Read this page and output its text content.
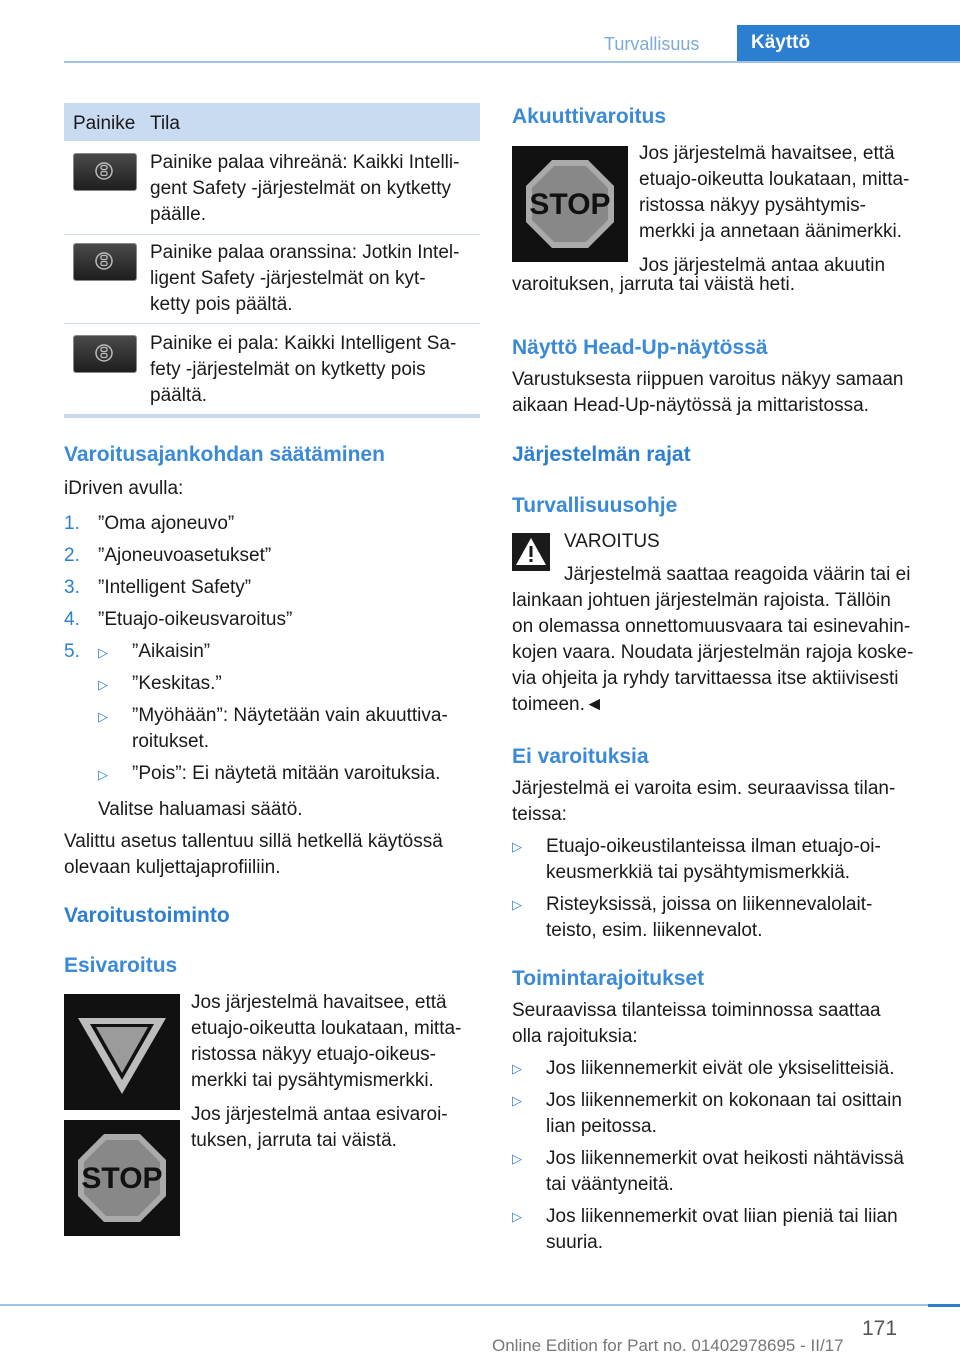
Turvallisuus	Käyttö
Painike Tila
Painike palaa vihreänä: Kaikki Intelli-
gent Safety -järjestelmät on kytketty
päälle.
Painike palaa oranssina: Jotkin Intel-
ligent Safety -järjestelmät on kyt-
ketty pois päältä.
Painike ei pala: Kaikki Intelligent Sa-
fety -järjestelmät on kytketty pois
päältä.
Varoitusajankohdan säätäminen
iDriven avulla:
1. ”Oma ajoneuvo”
2. ”Ajoneuvoasetukset”
3. ”Intelligent Safety”
4. ”Etuajo-oikeusvaroitus”
5.	▷ ”Aikaisin”
▷ ”Keskitas.”
▷ ”Myöhään”: Näytetään vain akuuttiva-
roitukset.
▷ ”Pois”: Ei näytetä mitään varoituksia.
Valitse haluamasi säätö.
Valittu asetus tallentuu sillä hetkellä käytössä
olevaan kuljettajaprofiiliin.
Varoitustoiminto
Esivaroitus
STOP
Jos järjestelmä havaitsee, että
etuajo-oikeutta loukataan, mitta-
ristossa näkyy etuajo-oikeus-
merkki tai pysähtymismerkki.
Jos järjestelmä antaa esivaroi-
tuksen, jarruta tai väistä.
Akuuttivaroitus
STOP
Jos järjestelmä havaitsee, että
etuajo-oikeutta loukataan, mitta-
ristossa näkyy pysähtymis-
merkki ja annetaan äänimerkki.
Jos järjestelmä antaa akuutin
varoituksen, jarruta tai väistä heti.
Näyttö Head-Up-näytössä
Varustuksesta riippuen varoitus näkyy samaan
aikaan Head-Up-näytössä ja mittaristossa.
Järjestelmän rajat
Turvallisuusohje
VAROITUS
Järjestelmä saattaa reagoida väärin tai ei
lainkaan johtuen järjestelmän rajoista. Tällöin
on olemassa onnettomuusvaara tai esinevahin-
kojen vaara. Noudata järjestelmän rajoja koske-
via ohjeita ja ryhdy tarvittaessa itse aktiivisesti
toimeen.◄
Ei varoituksia
Järjestelmä ei varoita esim. seuraavissa tilan-
teissa:
▷ Etuajo-oikeustilanteissa ilman etuajo-oi-
keusmerkkiä tai pysähtymismerkkiä.
▷ Risteyksissä, joissa on liikennevalolait-
teisto, esim. liikennevalot.
Toimintarajoitukset
Seuraavissa tilanteissa toiminnossa saattaa
olla rajoituksia:
▷ Jos liikennemerkit eivät ole yksiselitteisiä.
▷ Jos liikennemerkit on kokonaan tai osittain
lian peitossa.
▷ Jos liikennemerkit ovat heikosti nähtävissä
tai vääntyneitä.
▷ Jos liikennemerkit ovat liian pieniä tai liian
suuria.
171
Online Edition for Part no. 01402978695 - II/17
